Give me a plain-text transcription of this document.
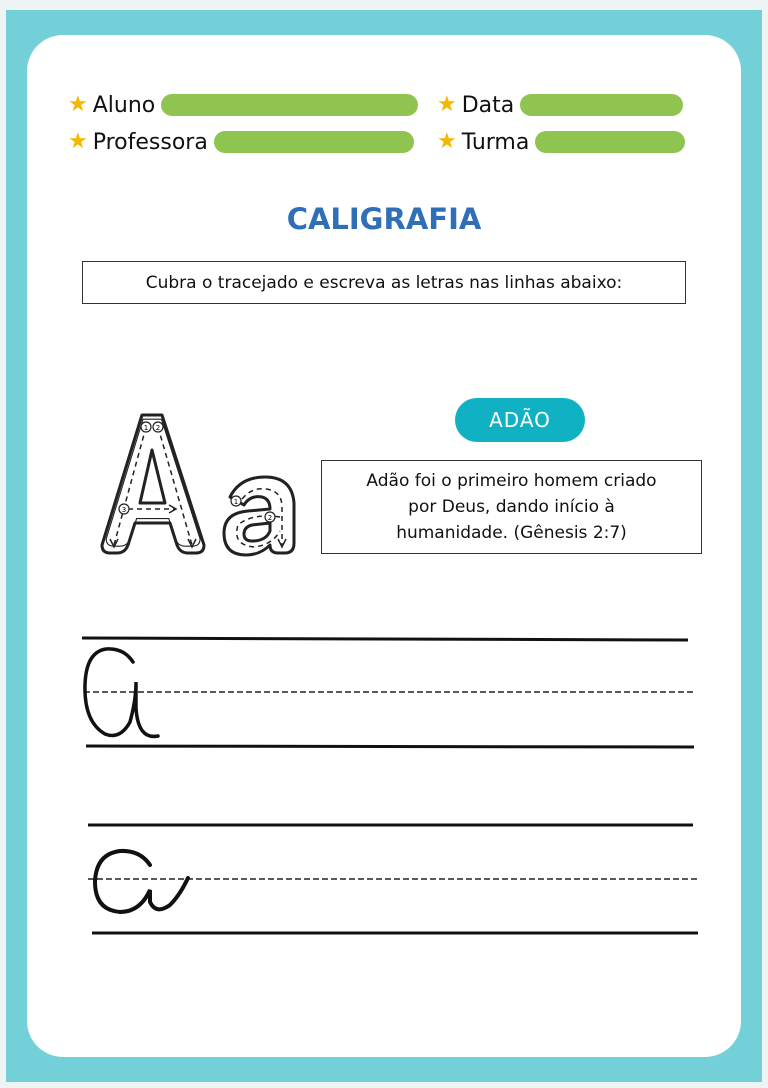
★ Aluno	★ Data
★ Professora	★ Turma
CALIGRAFIA
Cubra o tracejado e escreva as letras nas linhas abaixo:
1 2
3
1
2
ADÃO
Adão foi o primeiro homem criado por Deus, dando início à humanidade. (Gênesis 2:7)
